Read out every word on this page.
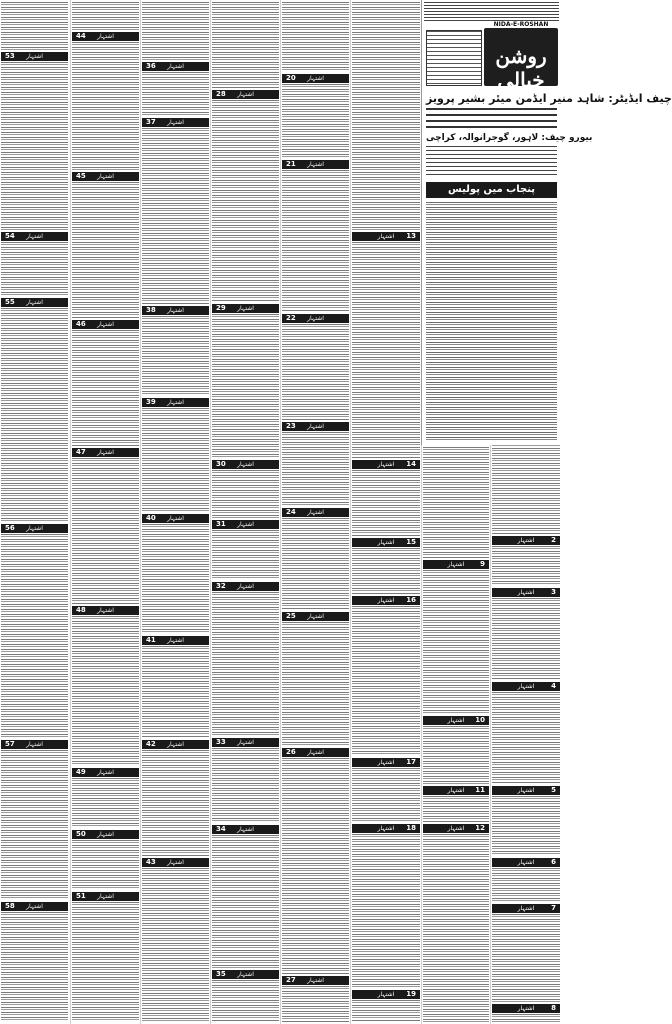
53	اشتہار
54	اشتہار
55	اشتہار
56	اشتہار
57	اشتہار
58	اشتہار
44	اشتہار
45	اشتہار
46	اشتہار
47	اشتہار
48	اشتہار
49	اشتہار
50	اشتہار
51	اشتہار
36	اشتہار
37	اشتہار
38	اشتہار
39	اشتہار
40	اشتہار
41	اشتہار
42	اشتہار
43	اشتہار
28	اشتہار
29	اشتہار
30	اشتہار
31	اشتہار
32	اشتہار
33	اشتہار
34	اشتہار
35	اشتہار
20	اشتہار
21	اشتہار
22	اشتہار
23	اشتہار
24	اشتہار
25	اشتہار
26	اشتہار
27	اشتہار
13
اشتہار
14
اشتہار
15
اشتہار
16
اشتہار
17
اشتہار
18
اشتہار
19
اشتہار
9
اشتہار
10
اشتہار
11
اشتہار
12
اشتہار
2
اشتہار
3
اشتہار
4
اشتہار
5
اشتہار
6
اشتہار
7
اشتہار
8
اشتہار
NIDA-E-ROSHAN
روشن خیالی
چیف ایڈیٹر: شاہد منیر ایڈمن میئر بشیر پرویز
بیورو چیف: لاہور، گوجرانوالہ، کراچی
پنجاب میں پولیس
